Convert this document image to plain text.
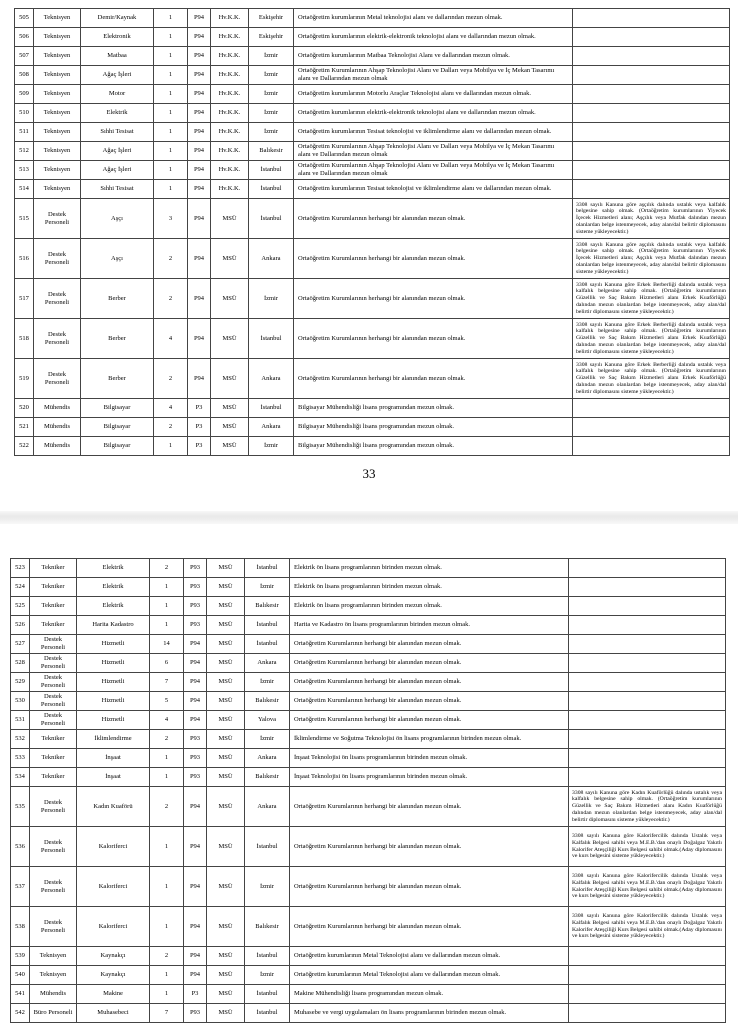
505	Teknisyen	Demir/Kaynak	1	P94	Hv.K.K.	Eskişehir	Ortaöğretim kurumlarının Metal teknolojisi alanı ve dallarından mezun olmak.	
506	Teknisyen	Elektronik	1	P94	Hv.K.K.	Eskişehir	Ortaöğretim kurumlarının elektrik-elektronik teknolojisi alanı ve dallarından mezun olmak.	
507	Teknisyen	Matbaa	1	P94	Hv.K.K.	İzmir	Ortaöğretim kurumlarının Matbaa Teknolojisi Alanı ve dallarından mezun olmak.	
508	Teknisyen	Ağaç İşleri	1	P94	Hv.K.K.	İzmir	Ortaöğretim Kurumlarının Ahşap Teknolojisi Alanı ve Dalları veya Mobilya ve İç Mekan Tasarımı alanı ve Dallarından mezun olmak	
509	Teknisyen	Motor	1	P94	Hv.K.K.	İzmir	Ortaöğretim kurumlarının Motorlu Araçlar Teknolojisi alanı ve dallarından mezun olmak.	
510	Teknisyen	Elektrik	1	P94	Hv.K.K.	İzmir	Ortaöğretim kurumlarının elektrik-elektronik teknolojisi alanı ve dallarından mezun olmak.	
511	Teknisyen	Sıhhi Tesisat	1	P94	Hv.K.K.	İzmir	Ortaöğretim kurumlarının Tesisat teknolojisi ve iklimlendirme alanı ve dallarından mezun olmak.	
512	Teknisyen	Ağaç İşleri	1	P94	Hv.K.K.	Balıkesir	Ortaöğretim Kurumlarının Ahşap Teknolojisi Alanı ve Dalları veya Mobilya ve İç Mekan Tasarımı alanı ve Dallarından mezun olmak	
513	Teknisyen	Ağaç İşleri	1	P94	Hv.K.K.	İstanbul	Ortaöğretim Kurumlarının Ahşap Teknolojisi Alanı ve Dalları veya Mobilya ve İç Mekan Tasarımı alanı ve Dallarından mezun olmak	
514	Teknisyen	Sıhhi Tesisat	1	P94	Hv.K.K.	İstanbul	Ortaöğretim kurumlarının Tesisat teknolojisi ve iklimlendirme alanı ve dallarından mezun olmak.	
515	Destek Personeli	Aşçı	3	P94	MSÜ	İstanbul	Ortaöğretim Kurumlarının herhangi bir alanından mezun olmak.	3308 sayılı Kanuna göre aşçılık dalında ustalık veya kalfalık belgesine sahip olmak. (Ortaöğretim kurumlarının Yiyecek İçecek Hizmetleri alanı; Aşçılık veya Mutfak dalından mezun olanlardan belge istenmeyecek, aday alan/dal belirtir diplomasını sisteme yükleyecektir.)
516	Destek Personeli	Aşçı	2	P94	MSÜ	Ankara	Ortaöğretim Kurumlarının herhangi bir alanından mezun olmak.	3308 sayılı Kanuna göre aşçılık dalında ustalık veya kalfalık belgesine sahip olmak. (Ortaöğretim kurumlarının Yiyecek İçecek Hizmetleri alanı; Aşçılık veya Mutfak dalından mezun olanlardan belge istenmeyecek, aday alan/dal belirtir diplomasını sisteme yükleyecektir.)
517	Destek Personeli	Berber	2	P94	MSÜ	İzmir	Ortaöğretim Kurumlarının herhangi bir alanından mezun olmak.	3308 sayılı Kanuna göre Erkek Berberliği dalında ustalık veya kalfalık belgesine sahip olmak. (Ortaöğretim kurumlarının Güzellik ve Saç Bakım Hizmetleri alanı Erkek Kuaförlüğü dalından mezun olanlardan belge istenmeyecek, aday alan/dal belirtir diplomasını sisteme yükleyecektir.)
518	Destek Personeli	Berber	4	P94	MSÜ	İstanbul	Ortaöğretim Kurumlarının herhangi bir alanından mezun olmak.	3308 sayılı Kanuna göre Erkek Berberliği dalında ustalık veya kalfalık belgesine sahip olmak. (Ortaöğretim kurumlarının Güzellik ve Saç Bakım Hizmetleri alanı Erkek Kuaförlüğü dalından mezun olanlardan belge istenmeyecek, aday alan/dal belirtir diplomasını sisteme yükleyecektir.)
519	Destek Personeli	Berber	2	P94	MSÜ	Ankara	Ortaöğretim Kurumlarının herhangi bir alanından mezun olmak.	3308 sayılı Kanuna göre Erkek Berberliği dalında ustalık veya kalfalık belgesine sahip olmak. (Ortaöğretim kurumlarının Güzellik ve Saç Bakım Hizmetleri alanı Erkek Kuaförlüğü dalından mezun olanlardan belge istenmeyecek, aday alan/dal belirtir diplomasını sisteme yükleyecektir.)
520	Mühendis	Bilgisayar	4	P3	MSÜ	İstanbul	Bilgisayar Mühendisliği lisans programından mezun olmak.	
521	Mühendis	Bilgisayar	2	P3	MSÜ	Ankara	Bilgisayar Mühendisliği lisans programından mezun olmak.	
522	Mühendis	Bilgisayar	1	P3	MSÜ	İzmir	Bilgisayar Mühendisliği lisans programından mezun olmak.	
33
523	Tekniker	Elektrik	2	P93	MSÜ	İstanbul	Elektrik ön lisans programlarının birinden mezun olmak.	
524	Tekniker	Elektrik	1	P93	MSÜ	İzmir	Elektrik ön lisans programlarının birinden mezun olmak.	
525	Tekniker	Elektrik	1	P93	MSÜ	Balıkesir	Elektrik ön lisans programlarının birinden mezun olmak.	
526	Tekniker	Harita Kadastro	1	P93	MSÜ	İstanbul	Harita ve Kadastro ön lisans programlarının birinden mezun olmak.	
527	Destek Personeli	Hizmetli	14	P94	MSÜ	İstanbul	Ortaöğretim Kurumlarının herhangi bir alanından mezun olmak.	
528	Destek Personeli	Hizmetli	6	P94	MSÜ	Ankara	Ortaöğretim Kurumlarının herhangi bir alanından mezun olmak.	
529	Destek Personeli	Hizmetli	7	P94	MSÜ	İzmir	Ortaöğretim Kurumlarının herhangi bir alanından mezun olmak.	
530	Destek Personeli	Hizmetli	5	P94	MSÜ	Balıkesir	Ortaöğretim Kurumlarının herhangi bir alanından mezun olmak.	
531	Destek Personeli	Hizmetli	4	P94	MSÜ	Yalova	Ortaöğretim Kurumlarının herhangi bir alanından mezun olmak.	
532	Tekniker	İklimlendirme	2	P93	MSÜ	İzmir	İklimlendirme ve Soğutma Teknolojisi ön lisans programlarının birinden mezun olmak.	
533	Tekniker	İnşaat	1	P93	MSÜ	Ankara	İnşaat Teknolojisi ön lisans programlarının birinden mezun olmak.	
534	Tekniker	İnşaat	1	P93	MSÜ	Balıkesir	İnşaat Teknolojisi ön lisans programlarının birinden mezun olmak.	
535	Destek Personeli	Kadın Kuaförü	2	P94	MSÜ	Ankara	Ortaöğretim Kurumlarının herhangi bir alanından mezun olmak.	3308 sayılı Kanuna göre Kadın Kuaförlüğü dalında ustalık veya kalfalık belgesine sahip olmak. (Ortaöğretim kurumlarının Güzellik ve Saç Bakım Hizmetleri alanı Kadın Kuaförlüğü dalından mezun olanlardan belge istenmeyecek, aday alan/dal belirtir diplomasını sisteme yükleyecektir.)
536	Destek Personeli	Kaloriferci	1	P94	MSÜ	İstanbul	Ortaöğretim Kurumlarının herhangi bir alanından mezun olmak.	3308 sayılı Kanuna göre Kalorifercilik dalında Ustalık veya Kalfalık Belgesi sahibi veya M.E.B.'dan onaylı Doğalgaz Yakıtlı Kalorifer Ateşçiliği Kurs Belgesi sahibi olmak.(Aday diplomasını ve kurs belgesini sisteme yükleyecektir.)
537	Destek Personeli	Kaloriferci	1	P94	MSÜ	İzmir	Ortaöğretim Kurumlarının herhangi bir alanından mezun olmak.	3308 sayılı Kanuna göre Kalorifercilik dalında Ustalık veya Kalfalık Belgesi sahibi veya M.E.B.'dan onaylı Doğalgaz Yakıtlı Kalorifer Ateşçiliği Kurs Belgesi sahibi olmak.(Aday diplomasını ve kurs belgesini sisteme yükleyecektir.)
538	Destek Personeli	Kaloriferci	1	P94	MSÜ	Balıkesir	Ortaöğretim Kurumlarının herhangi bir alanından mezun olmak.	3308 sayılı Kanuna göre Kalorifercilik dalında Ustalık veya Kalfalık Belgesi sahibi veya M.E.B.'dan onaylı Doğalgaz Yakıtlı Kalorifer Ateşçiliği Kurs Belgesi sahibi olmak.(Aday diplomasını ve kurs belgesini sisteme yükleyecektir.)
539	Teknisyen	Kaynakçı	2	P94	MSÜ	İstanbul	Ortaöğretim kurumlarının Metal Teknolojisi alanı ve dallarından mezun olmak.	
540	Teknisyen	Kaynakçı	1	P94	MSÜ	İzmir	Ortaöğretim kurumlarının Metal Teknolojisi alanı ve dallarından mezun olmak.	
541	Mühendis	Makine	1	P3	MSÜ	İstanbul	Makine Mühendisliği lisans programından mezun olmak.	
542	Büro Personeli	Muhasebeci	7	P93	MSÜ	İstanbul	Muhasebe ve vergi uygulamaları ön lisans programlarının birinden mezun olmak.	
